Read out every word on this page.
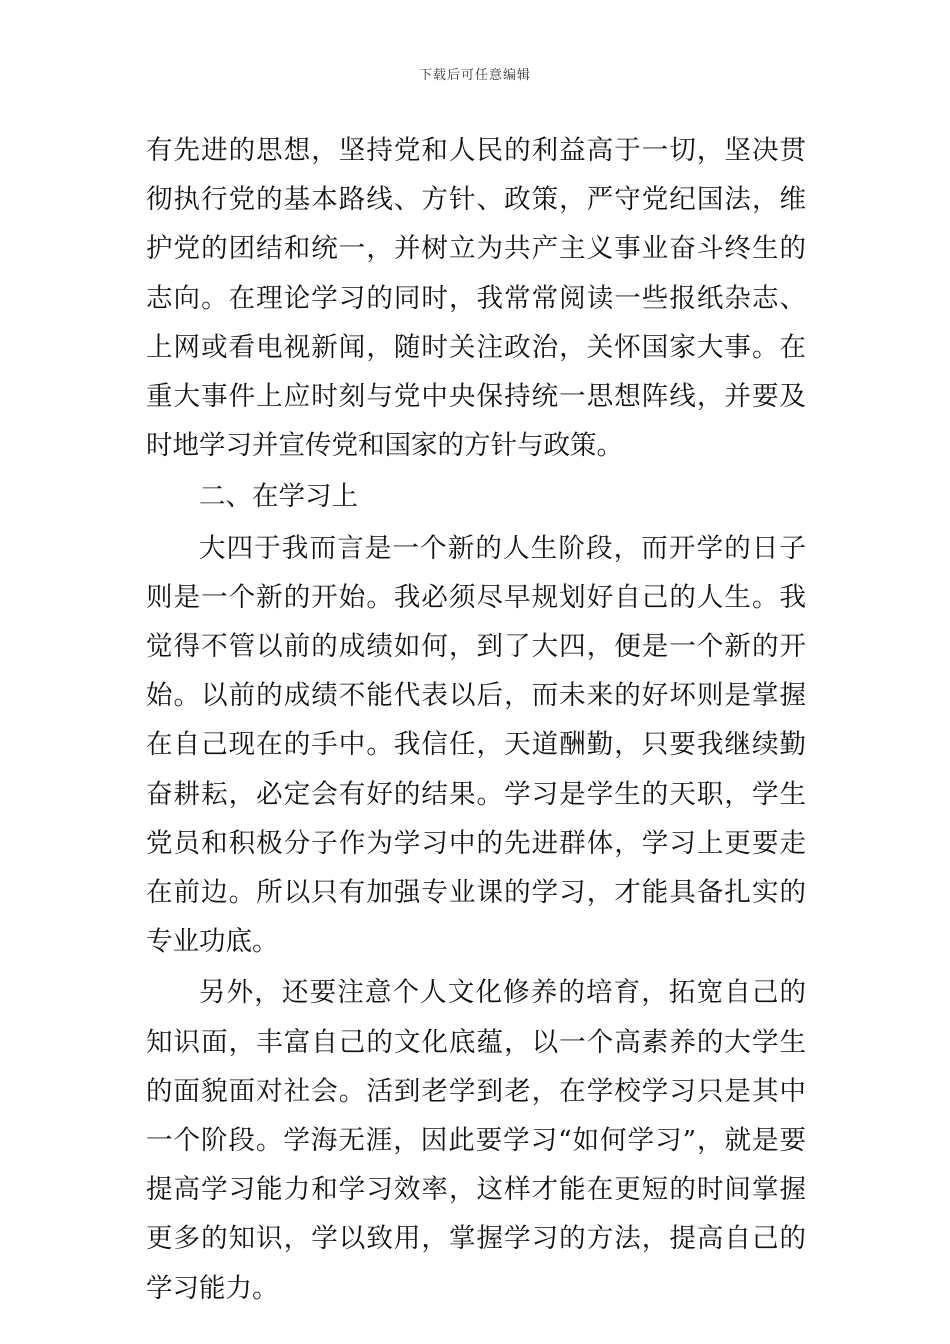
下载后可任意编辑

有先进的思想，坚持党和人民的利益高于一切，坚决贯彻执行党的基本路线、方针、政策，严守党纪国法，维护党的团结和统一，并树立为共产主义事业奋斗终生的志向。在理论学习的同时，我常常阅读一些报纸杂志、上网或看电视新闻，随时关注政治，关怀国家大事。在重大事件上应时刻与党中央保持统一思想阵线，并要及时地学习并宣传党和国家的方针与政策。

二、在学习上

大四于我而言是一个新的人生阶段，而开学的日子则是一个新的开始。我必须尽早规划好自己的人生。我觉得不管以前的成绩如何，到了大四，便是一个新的开始。以前的成绩不能代表以后，而未来的好坏则是掌握在自己现在的手中。我信任，天道酬勤，只要我继续勤奋耕耘，必定会有好的结果。学习是学生的天职，学生党员和积极分子作为学习中的先进群体，学习上更要走在前边。所以只有加强专业课的学习，才能具备扎实的专业功底。

另外，还要注意个人文化修养的培育，拓宽自己的知识面，丰富自己的文化底蕴，以一个高素养的大学生的面貌面对社会。活到老学到老，在学校学习只是其中一个阶段。学海无涯，因此要学习“如何学习”，就是要提高学习能力和学习效率，这样才能在更短的时间掌握更多的知识，学以致用，掌握学习的方法，提高自己的学习能力。
